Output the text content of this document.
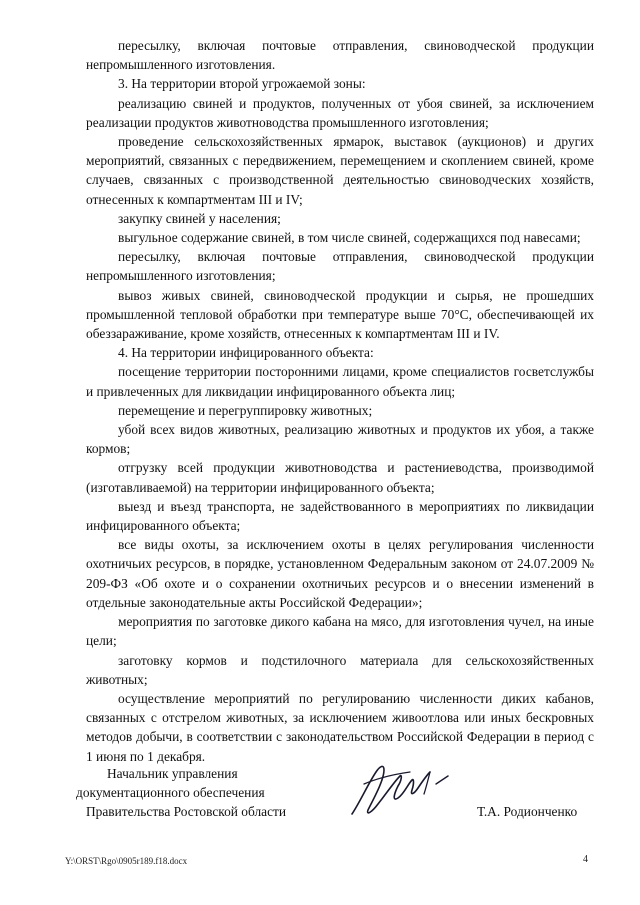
пересылку, включая почтовые отправления, свиноводческой продукции непромышленного изготовления.

3. На территории второй угрожаемой зоны:

реализацию свиней и продуктов, полученных от убоя свиней, за исключением реализации продуктов животноводства промышленного изготовления;

проведение сельскохозяйственных ярмарок, выставок (аукционов) и других мероприятий, связанных с передвижением, перемещением и скоплением свиней, кроме случаев, связанных с производственной деятельностью свиноводческих хозяйств, отнесенных к компартментам III и IV;

закупку свиней у населения;

выгульное содержание свиней, в том числе свиней, содержащихся под навесами;

пересылку, включая почтовые отправления, свиноводческой продукции непромышленного изготовления;

вывоз живых свиней, свиноводческой продукции и сырья, не прошедших промышленной тепловой обработки при температуре выше 70°C, обеспечивающей их обеззараживание, кроме хозяйств, отнесенных к компартментам III и IV.

4. На территории инфицированного объекта:

посещение территории посторонними лицами, кроме специалистов госветслужбы и привлеченных для ликвидации инфицированного объекта лиц;

перемещение и перегруппировку животных;

убой всех видов животных, реализацию животных и продуктов их убоя, а также кормов;

отгрузку всей продукции животноводства и растениеводства, производимой (изготавливаемой) на территории инфицированного объекта;

выезд и въезд транспорта, не задействованного в мероприятиях по ликвидации инфицированного объекта;

все виды охоты, за исключением охоты в целях регулирования численности охотничьих ресурсов, в порядке, установленном Федеральным законом от 24.07.2009 № 209-ФЗ «Об охоте и о сохранении охотничьих ресурсов и о внесении изменений в отдельные законодательные акты Российской Федерации»;

мероприятия по заготовке дикого кабана на мясо, для изготовления чучел, на иные цели;

заготовку кормов и подстилочного материала для сельскохозяйственных животных;

осуществление мероприятий по регулированию численности диких кабанов, связанных с отстрелом животных, за исключением живоотлова или иных бескровных методов добычи, в соответствии с законодательством Российской Федерации в период с 1 июня по 1 декабря.

Начальник управления
документационного обеспечения
Правительства Ростовской области	Т.А. Родионченко
Y:\ORST\Rgo\0905r189.f18.docx	4
